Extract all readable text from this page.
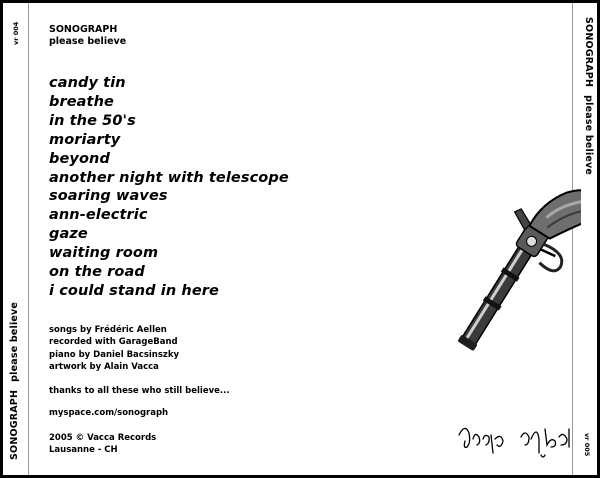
SONOGRAPHplease believe
vr 004	SONOGRAPHplease believe
vr 005
SONOGRAPH
please believe
candy tin
breathe
in the 50's
moriarty
beyond
another night with telescope
soaring waves
ann-electric
gaze
waiting room
on the road
i could stand in here
songs by Frédéric Aellen
recorded with GarageBand
piano by Daniel Bacsinszky
artwork by Alain Vacca
thanks to all these who still believe...
myspace.com/sonograph
2005 © Vacca Records
Lausanne - CH
